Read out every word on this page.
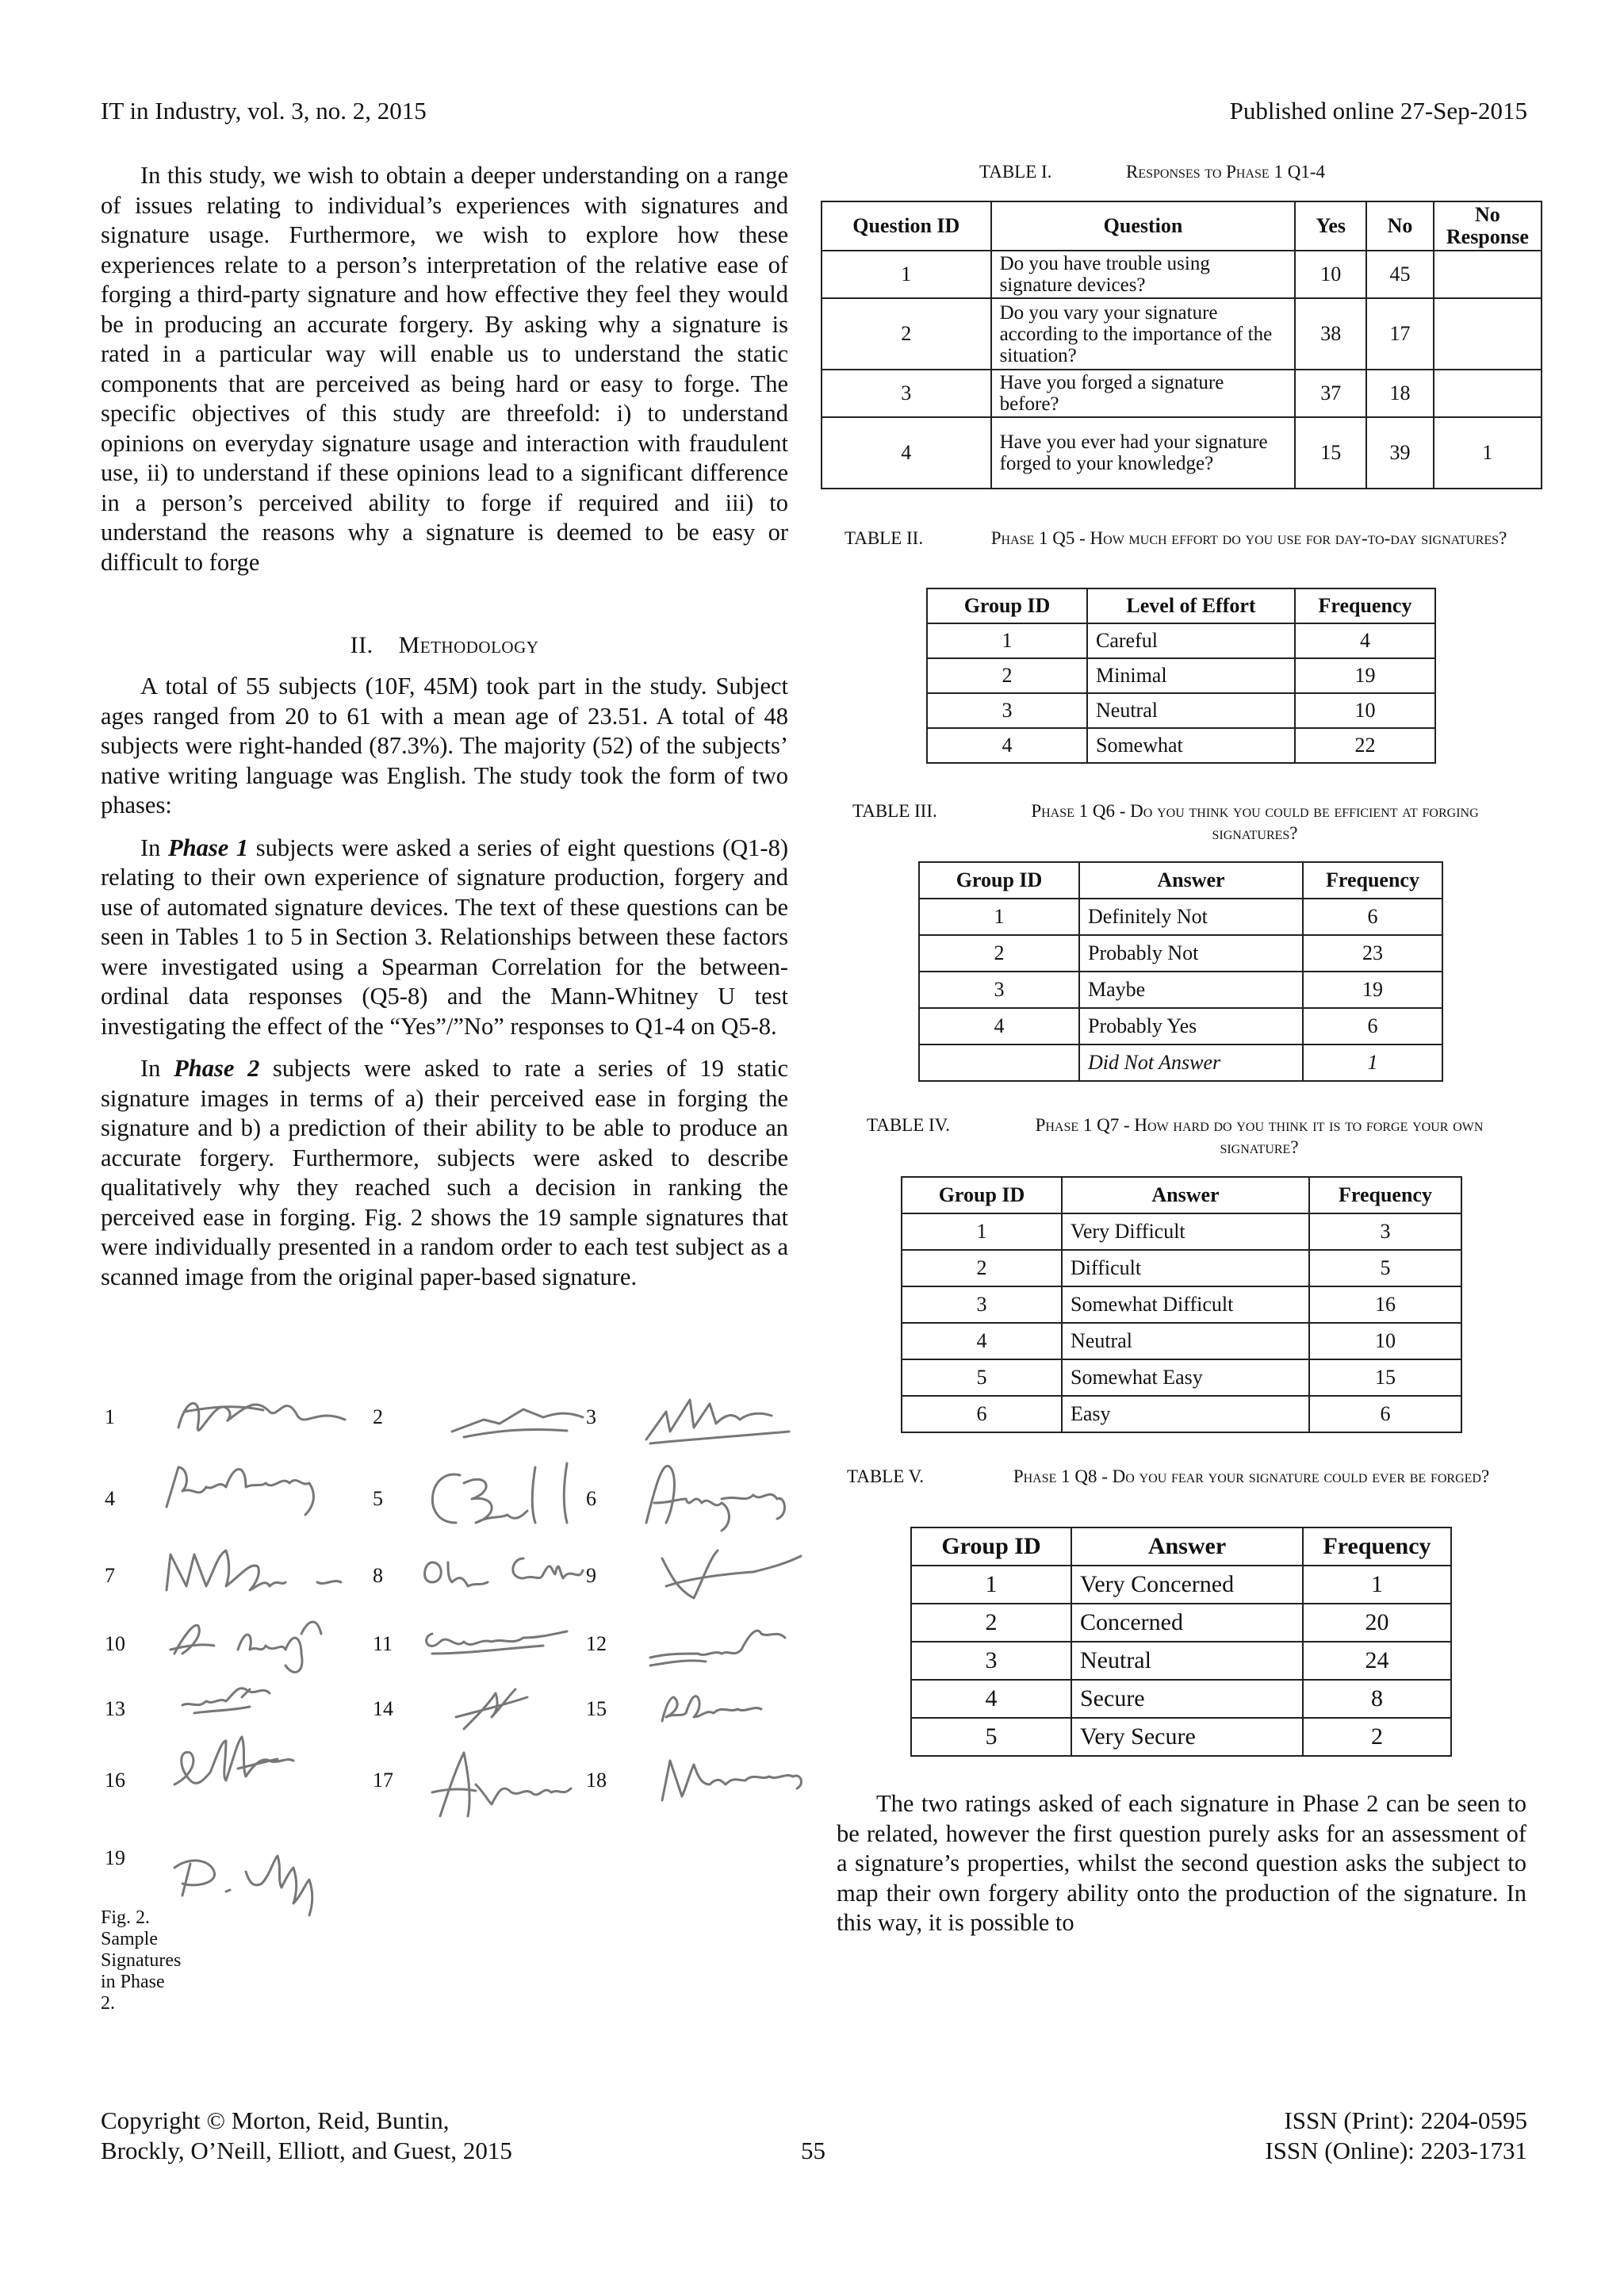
IT in Industry, vol. 3, no. 2, 2015	Published online 27-Sep-2015

In this study, we wish to obtain a deeper understanding on a range of issues relating to individual’s experiences with signatures and signature usage. Furthermore, we wish to explore how these experiences relate to a person’s interpretation of the relative ease of forging a third-party signature and how effective they feel they would be in producing an accurate forgery. By asking why a signature is rated in a particular way will enable us to understand the static components that are perceived as being hard or easy to forge. The specific objectives of this study are threefold: i) to understand opinions on everyday signature usage and interaction with fraudulent use, ii) to understand if these opinions lead to a significant difference in a person’s perceived ability to forge if required and iii) to understand the reasons why a signature is deemed to be easy or difficult to forge

II. Methodology

A total of 55 subjects (10F, 45M) took part in the study. Subject ages ranged from 20 to 61 with a mean age of 23.51. A total of 48 subjects were right-handed (87.3%). The majority (52) of the subjects’ native writing language was English. The study took the form of two phases:

In Phase 1 subjects were asked a series of eight questions (Q1-8) relating to their own experience of signature production, forgery and use of automated signature devices. The text of these questions can be seen in Tables 1 to 5 in Section 3. Relationships between these factors were investigated using a Spearman Correlation for the between-ordinal data responses (Q5-8) and the Mann-Whitney U test investigating the effect of the “Yes”/”No” responses to Q1-4 on Q5-8.

In Phase 2 subjects were asked to rate a series of 19 static signature images in terms of a) their perceived ease in forging the signature and b) a prediction of their ability to be able to produce an accurate forgery. Furthermore, subjects were asked to describe qualitatively why they reached such a decision in ranking the perceived ease in forging. Fig. 2 shows the 19 sample signatures that were individually presented in a random order to each test subject as a scanned image from the original paper-based signature.

1	2	3
4	5	6
7	8	9
10	11	12
13	14	15
16	17	18
19
Fig. 2. Sample Signatures in Phase 2.
TABLE I.	Responses to Phase 1 Q1-4
Question ID	Question	Yes	No	No Response
1	Do you have trouble using signature devices?	10	45	
2	Do you vary your signature according to the importance of the situation?	38	17	
3	Have you forged a signature before?	37	18	
4	Have you ever had your signature forged to your knowledge?	15	39	1
TABLE II.	Phase 1 Q5 - How much effort do you use for day-to-day signatures?
Group ID	Level of Effort	Frequency
1	Careful	4
2	Minimal	19
3	Neutral	10
4	Somewhat	22
TABLE III.	Phase 1 Q6 - Do you think you could be efficient at forging signatures?
Group ID	Answer	Frequency
1	Definitely Not	6
2	Probably Not	23
3	Maybe	19
4	Probably Yes	6
	Did Not Answer	1
TABLE IV.	Phase 1 Q7 - How hard do you think it is to forge your own signature?
Group ID	Answer	Frequency
1	Very Difficult	3
2	Difficult	5
3	Somewhat Difficult	16
4	Neutral	10
5	Somewhat Easy	15
6	Easy	6
TABLE V.	Phase 1 Q8 - Do you fear your signature could ever be forged?
Group ID	Answer	Frequency
1	Very Concerned	1
2	Concerned	20
3	Neutral	24
4	Secure	8
5	Very Secure	2

The two ratings asked of each signature in Phase 2 can be seen to be related, however the first question purely asks for an assessment of a signature’s properties, whilst the second question asks the subject to map their own forgery ability onto the production of the signature. In this way, it is possible to

Copyright © Morton, Reid, Buntin,
Brockly, O’Neill, Elliott, and Guest, 2015	55
ISSN (Print): 2204-0595
ISSN (Online): 2203-1731
